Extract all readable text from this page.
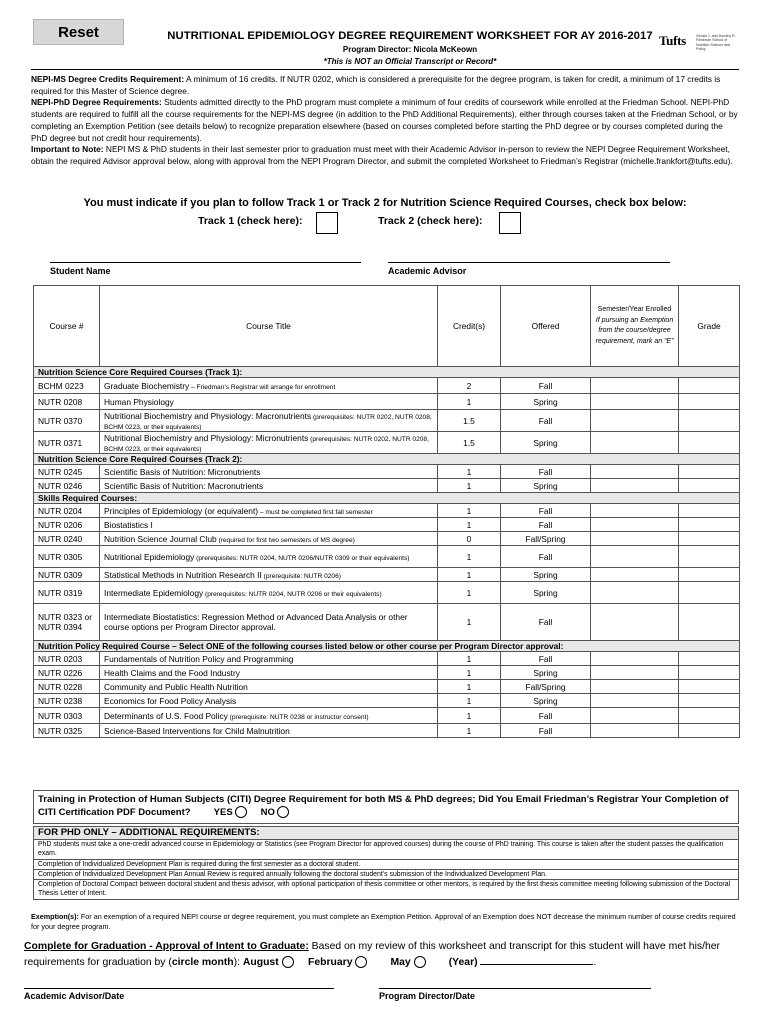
Reset	NUTRITIONAL EPIDEMIOLOGY DEGREE REQUIREMENT WORKSHEET FOR AY 2016-2017
Program Director: Nicola McKeown
*This is NOT an Official Transcript or Record*
Tufts	Gerald J. and Dorothy R. Friedman School of Nutrition Science and Policy

NEPI-MS Degree Credits Requirement: A minimum of 16 credits. If NUTR 0202, which is considered a prerequisite for the degree program, is taken for credit, a minimum of 17 credits is required for this Master of Science degree.

NEPI-PhD Degree Requirements: Students admitted directly to the PhD program must complete a minimum of four credits of coursework while enrolled at the Friedman School. NEPI-PhD students are required to fulfill all the course requirements for the NEPI-MS degree (in addition to the PhD Additional Requirements), either through courses taken at the Friedman School, or by completing an Exemption Petition (see details below) to recognize preparation elsewhere (based on courses completed before starting the PhD degree or by courses completed during the PhD degree but not credit hour requirements).

Important to Note: NEPI MS & PhD students in their last semester prior to graduation must meet with their Academic Advisor in-person to review the NEPI Degree Requirement Worksheet, obtain the required Advisor approval below, along with approval from the NEPI Program Director, and submit the completed Worksheet to Friedman’s Registrar (michelle.frankfort@tufts.edu).

You must indicate if you plan to follow Track 1 or Track 2 for Nutrition Science Required Courses, check box below:
Track 1 (check here):	Track 2 (check here):
Student Name	Academic Advisor
Course #	Course Title	Credit(s)	Offered	Semester/Year Enrolled
If pursuing an Exemption from the course/degree requirement, mark an “E”	Grade
Nutrition Science Core Required Courses (Track 1):					
BCHM 0223	Graduate Biochemistry – Friedman’s Registrar will arrange for enrollment	2	Fall		
NUTR 0208	Human Physiology	1	Spring		
NUTR 0370	Nutritional Biochemistry and Physiology: Macronutrients (prerequisites: NUTR 0202, NUTR 0208, BCHM 0223, or their equivalents)	1.5	Fall		
NUTR 0371	Nutritional Biochemistry and Physiology: Micronutrients (prerequisites: NUTR 0202, NUTR 0208, BCHM 0223, or their equivalents)	1.5	Spring		
Nutrition Science Core Required Courses (Track 2):					
NUTR 0245	Scientific Basis of Nutrition: Micronutrients	1	Fall		
NUTR 0246	Scientific Basis of Nutrition: Macronutrients	1	Spring		
Skills Required Courses:					
NUTR 0204	Principles of Epidemiology (or equivalent) – must be completed first fall semester	1	Fall		
NUTR 0206	Biostatistics I	1	Fall		
NUTR 0240	Nutrition Science Journal Club (required for first two semesters of MS degree)	0	Fall/Spring		
NUTR 0305	Nutritional Epidemiology (prerequisites: NUTR 0204, NUTR 0206/NUTR 0309 or their equivalents)	1	Fall		
NUTR 0309	Statistical Methods in Nutrition Research II (prerequisite: NUTR 0206)	1	Spring		
NUTR 0319	Intermediate Epidemiology (prerequisites: NUTR 0204, NUTR 0206 or their equivalents)	1	Spring		
NUTR 0323 or NUTR 0394	Intermediate Biostatistics: Regression Method or Advanced Data Analysis or other course options per Program Director approval.	1	Fall		
Nutrition Policy Required Course – Select ONE of the following courses listed below or other course per Program Director approval:					
NUTR 0203	Fundamentals of Nutrition Policy and Programming	1	Fall		
NUTR 0226	Health Claims and the Food Industry	1	Spring		
NUTR 0228	Community and Public Health Nutrition	1	Fall/Spring		
NUTR 0238	Economics for Food Policy Analysis	1	Spring		
NUTR 0303	Determinants of U.S. Food Policy (prerequisite: NUTR 0238 or instructor consent)	1	Fall		
NUTR 0325	Science-Based Interventions for Child Malnutrition	1	Fall		
Training in Protection of Human Subjects (CITI) Degree Requirement for both MS & PhD degrees; Did You Email Friedman’s Registrar Your Completion of CITI Certification PDF Document? YES	NO
FOR PHD ONLY – ADDITIONAL REQUIREMENTS:
PhD students must take a one-credit advanced course in Epidemiology or Statistics (see Program Director for approved courses) during the course of PhD training. This course is taken after the student passes the qualification exam.
Completion of Individualized Development Plan is required during the first semester as a doctoral student.
Completion of Individualized Development Plan Annual Review is required annually following the doctoral student’s submission of the Individualized Development Plan.
Completion of Doctoral Compact between doctoral student and thesis advisor, with optional participation of thesis committee or other mentors, is required by the first thesis committee meeting following submission of the Doctoral Thesis Letter of Intent.
Exemption(s): For an exemption of a required NEPI course or degree requirement, you must complete an Exemption Petition. Approval of an Exemption does NOT decrease the minimum number of course credits required for your degree program.
Complete for Graduation - Approval of Intent to Graduate: Based on my review of this worksheet and transcript for this student will have met his/her requirements for graduation by (circle month): August	February	May	(Year)	.
Academic Advisor/Date	Program Director/Date
